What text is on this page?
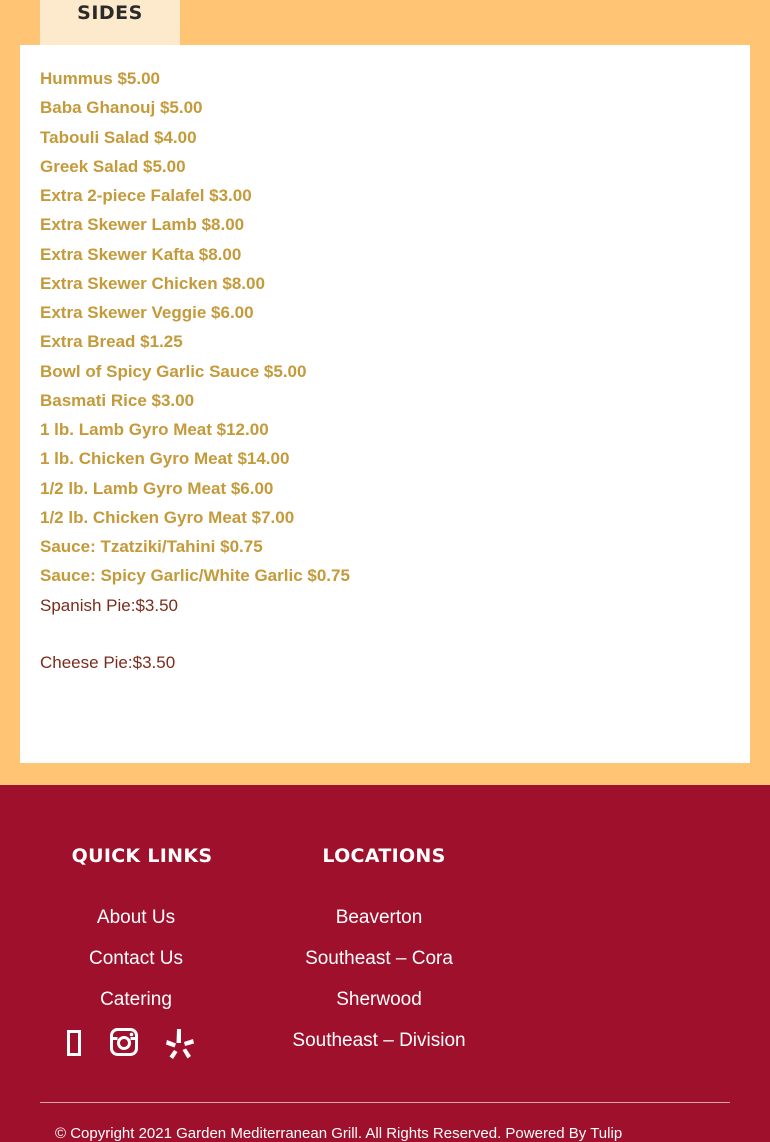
SIDES
Hummus $5.00
Baba Ghanouj $5.00
Tabouli Salad $4.00
Greek Salad $5.00
Extra 2-piece Falafel $3.00
Extra Skewer Lamb $8.00
Extra Skewer Kafta $8.00
Extra Skewer Chicken $8.00
Extra Skewer Veggie $6.00
Extra Bread $1.25
Bowl of Spicy Garlic Sauce $5.00
Basmati Rice $3.00
1 lb. Lamb Gyro Meat $12.00
1 lb. Chicken Gyro Meat $14.00
1/2 lb. Lamb Gyro Meat $6.00
1/2 lb. Chicken Gyro Meat $7.00
Sauce: Tzatziki/Tahini $0.75
Sauce: Spicy Garlic/White Garlic $0.75
Spanish Pie:$3.50
Cheese Pie:$3.50
QUICK LINKS	LOCATIONS
About Us
Contact Us
Catering
Beaverton
Southeast – Cora
Sherwood
Southeast – Division
© Copyright 2021 Garden Mediterranean Grill. All Rights Reserved. Powered By Tulip
